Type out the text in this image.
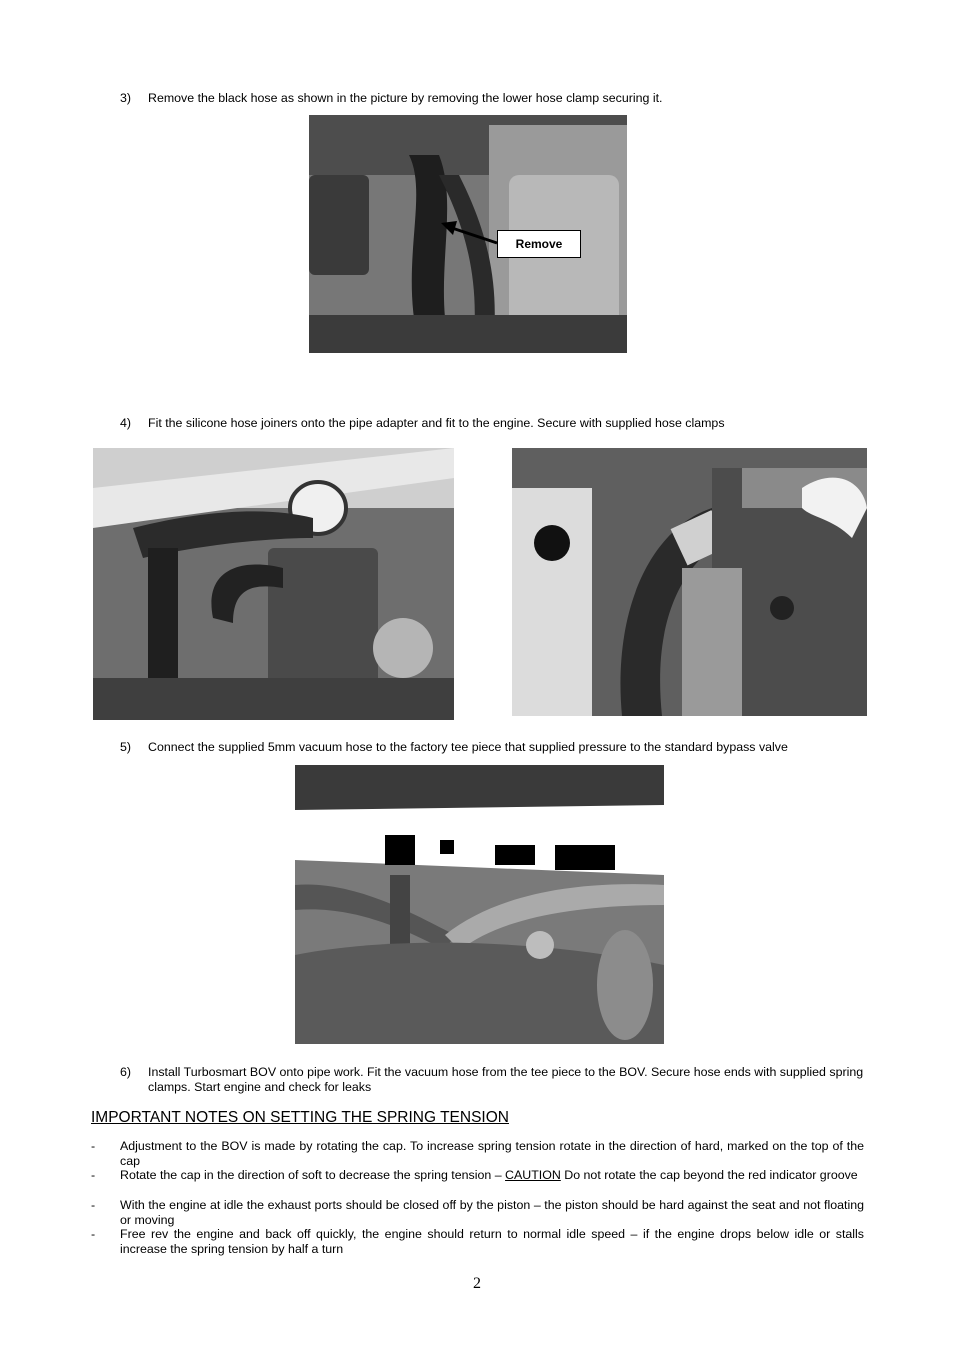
3)	Remove the black hose as shown in the picture by removing the lower hose clamp securing it.
Remove
4)	Fit the silicone hose joiners onto the pipe adapter and fit to the engine. Secure with supplied hose clamps
5)	Connect the supplied 5mm vacuum hose to the factory tee piece that supplied pressure to the standard bypass valve
6)	Install Turbosmart BOV onto pipe work. Fit the vacuum hose from the tee piece to the BOV. Secure hose ends with supplied spring clamps. Start engine and check for leaks
IMPORTANT NOTES ON SETTING THE SPRING TENSION
- Adjustment to the BOV is made by rotating the cap. To increase spring tension rotate in the direction of hard, marked on the top of the cap
- Rotate the cap in the direction of soft to decrease the spring tension – CAUTION Do not rotate the cap beyond the red indicator groove
- With the engine at idle the exhaust ports should be closed off by the piston – the piston should be hard against the seat and not floating or moving
- Free rev the engine and back off quickly, the engine should return to normal idle speed – if the engine drops below idle or stalls increase the spring tension by half a turn
2
